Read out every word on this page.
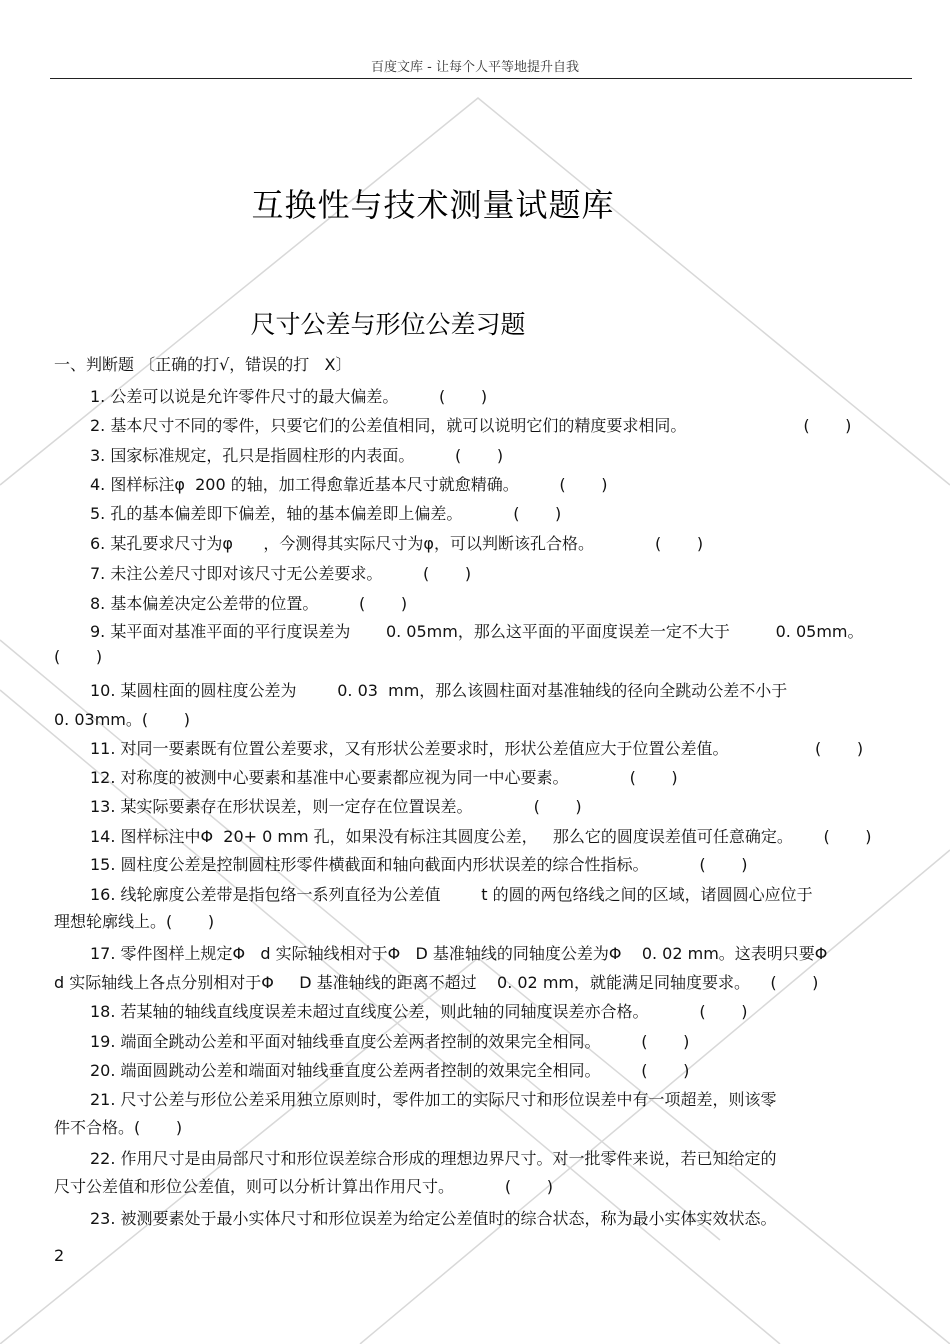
百度文库 - 让每个人平等地提升自我
互换性与技术测量试题库
尺寸公差与形位公差习题
一、判断题 〔正确的打√，错误的打   X〕
1. 公差可以说是允许零件尺寸的最大偏差。        (       )
2. 基本尺寸不同的零件，只要它们的公差值相同，就可以说明它们的精度要求相同。                       (       )
3. 国家标准规定，孔只是指圆柱形的内表面。        (       )
4. 图样标注φ  200 的轴，加工得愈靠近基本尺寸就愈精确。        (       )
5. 孔的基本偏差即下偏差，轴的基本偏差即上偏差。          (       )
6. 某孔要求尺寸为φ      ，今测得其实际尺寸为φ，可以判断该孔合格。            (       )
7. 未注公差尺寸即对该尺寸无公差要求。        (       )
8. 基本偏差决定公差带的位置。        (       )
9. 某平面对基准平面的平行度误差为       0. 05mm，那么这平面的平面度误差一定不大于         0. 05mm。
(       )
10. 某圆柱面的圆柱度公差为        0. 03  mm，那么该圆柱面对基准轴线的径向全跳动公差不小于
0. 03mm。(       )
11. 对同一要素既有位置公差要求，又有形状公差要求时，形状公差值应大于位置公差值。                 (       )
12. 对称度的被测中心要素和基准中心要素都应视为同一中心要素。            (       )
13. 某实际要素存在形状误差，则一定存在位置误差。            (       )
14. 图样标注中Φ  20+ 0 mm 孔，如果没有标注其圆度公差，   那么它的圆度误差值可任意确定。      (       )
15. 圆柱度公差是控制圆柱形零件横截面和轴向截面内形状误差的综合性指标。          (       )
16. 线轮廓度公差带是指包络一系列直径为公差值        t 的圆的两包络线之间的区域，诸圆圆心应位于
理想轮廓线上。(       )
17. 零件图样上规定Φ   d 实际轴线相对于Φ   D 基准轴线的同轴度公差为Φ    0. 02 mm。这表明只要Φ
d 实际轴线上各点分别相对于Φ     D 基准轴线的距离不超过    0. 02 mm，就能满足同轴度要求。    (       )
18. 若某轴的轴线直线度误差未超过直线度公差，则此轴的同轴度误差亦合格。          (       )
19. 端面全跳动公差和平面对轴线垂直度公差两者控制的效果完全相同。        (       )
20. 端面圆跳动公差和端面对轴线垂直度公差两者控制的效果完全相同。        (       )
21. 尺寸公差与形位公差采用独立原则时，零件加工的实际尺寸和形位误差中有一项超差，则该零
件不合格。(       )
22. 作用尺寸是由局部尺寸和形位误差综合形成的理想边界尺寸。对一批零件来说，若已知给定的
尺寸公差值和形位公差值，则可以分析计算出作用尺寸。          (       )
23. 被测要素处于最小实体尺寸和形位误差为给定公差值时的综合状态，称为最小实体实效状态。
2
